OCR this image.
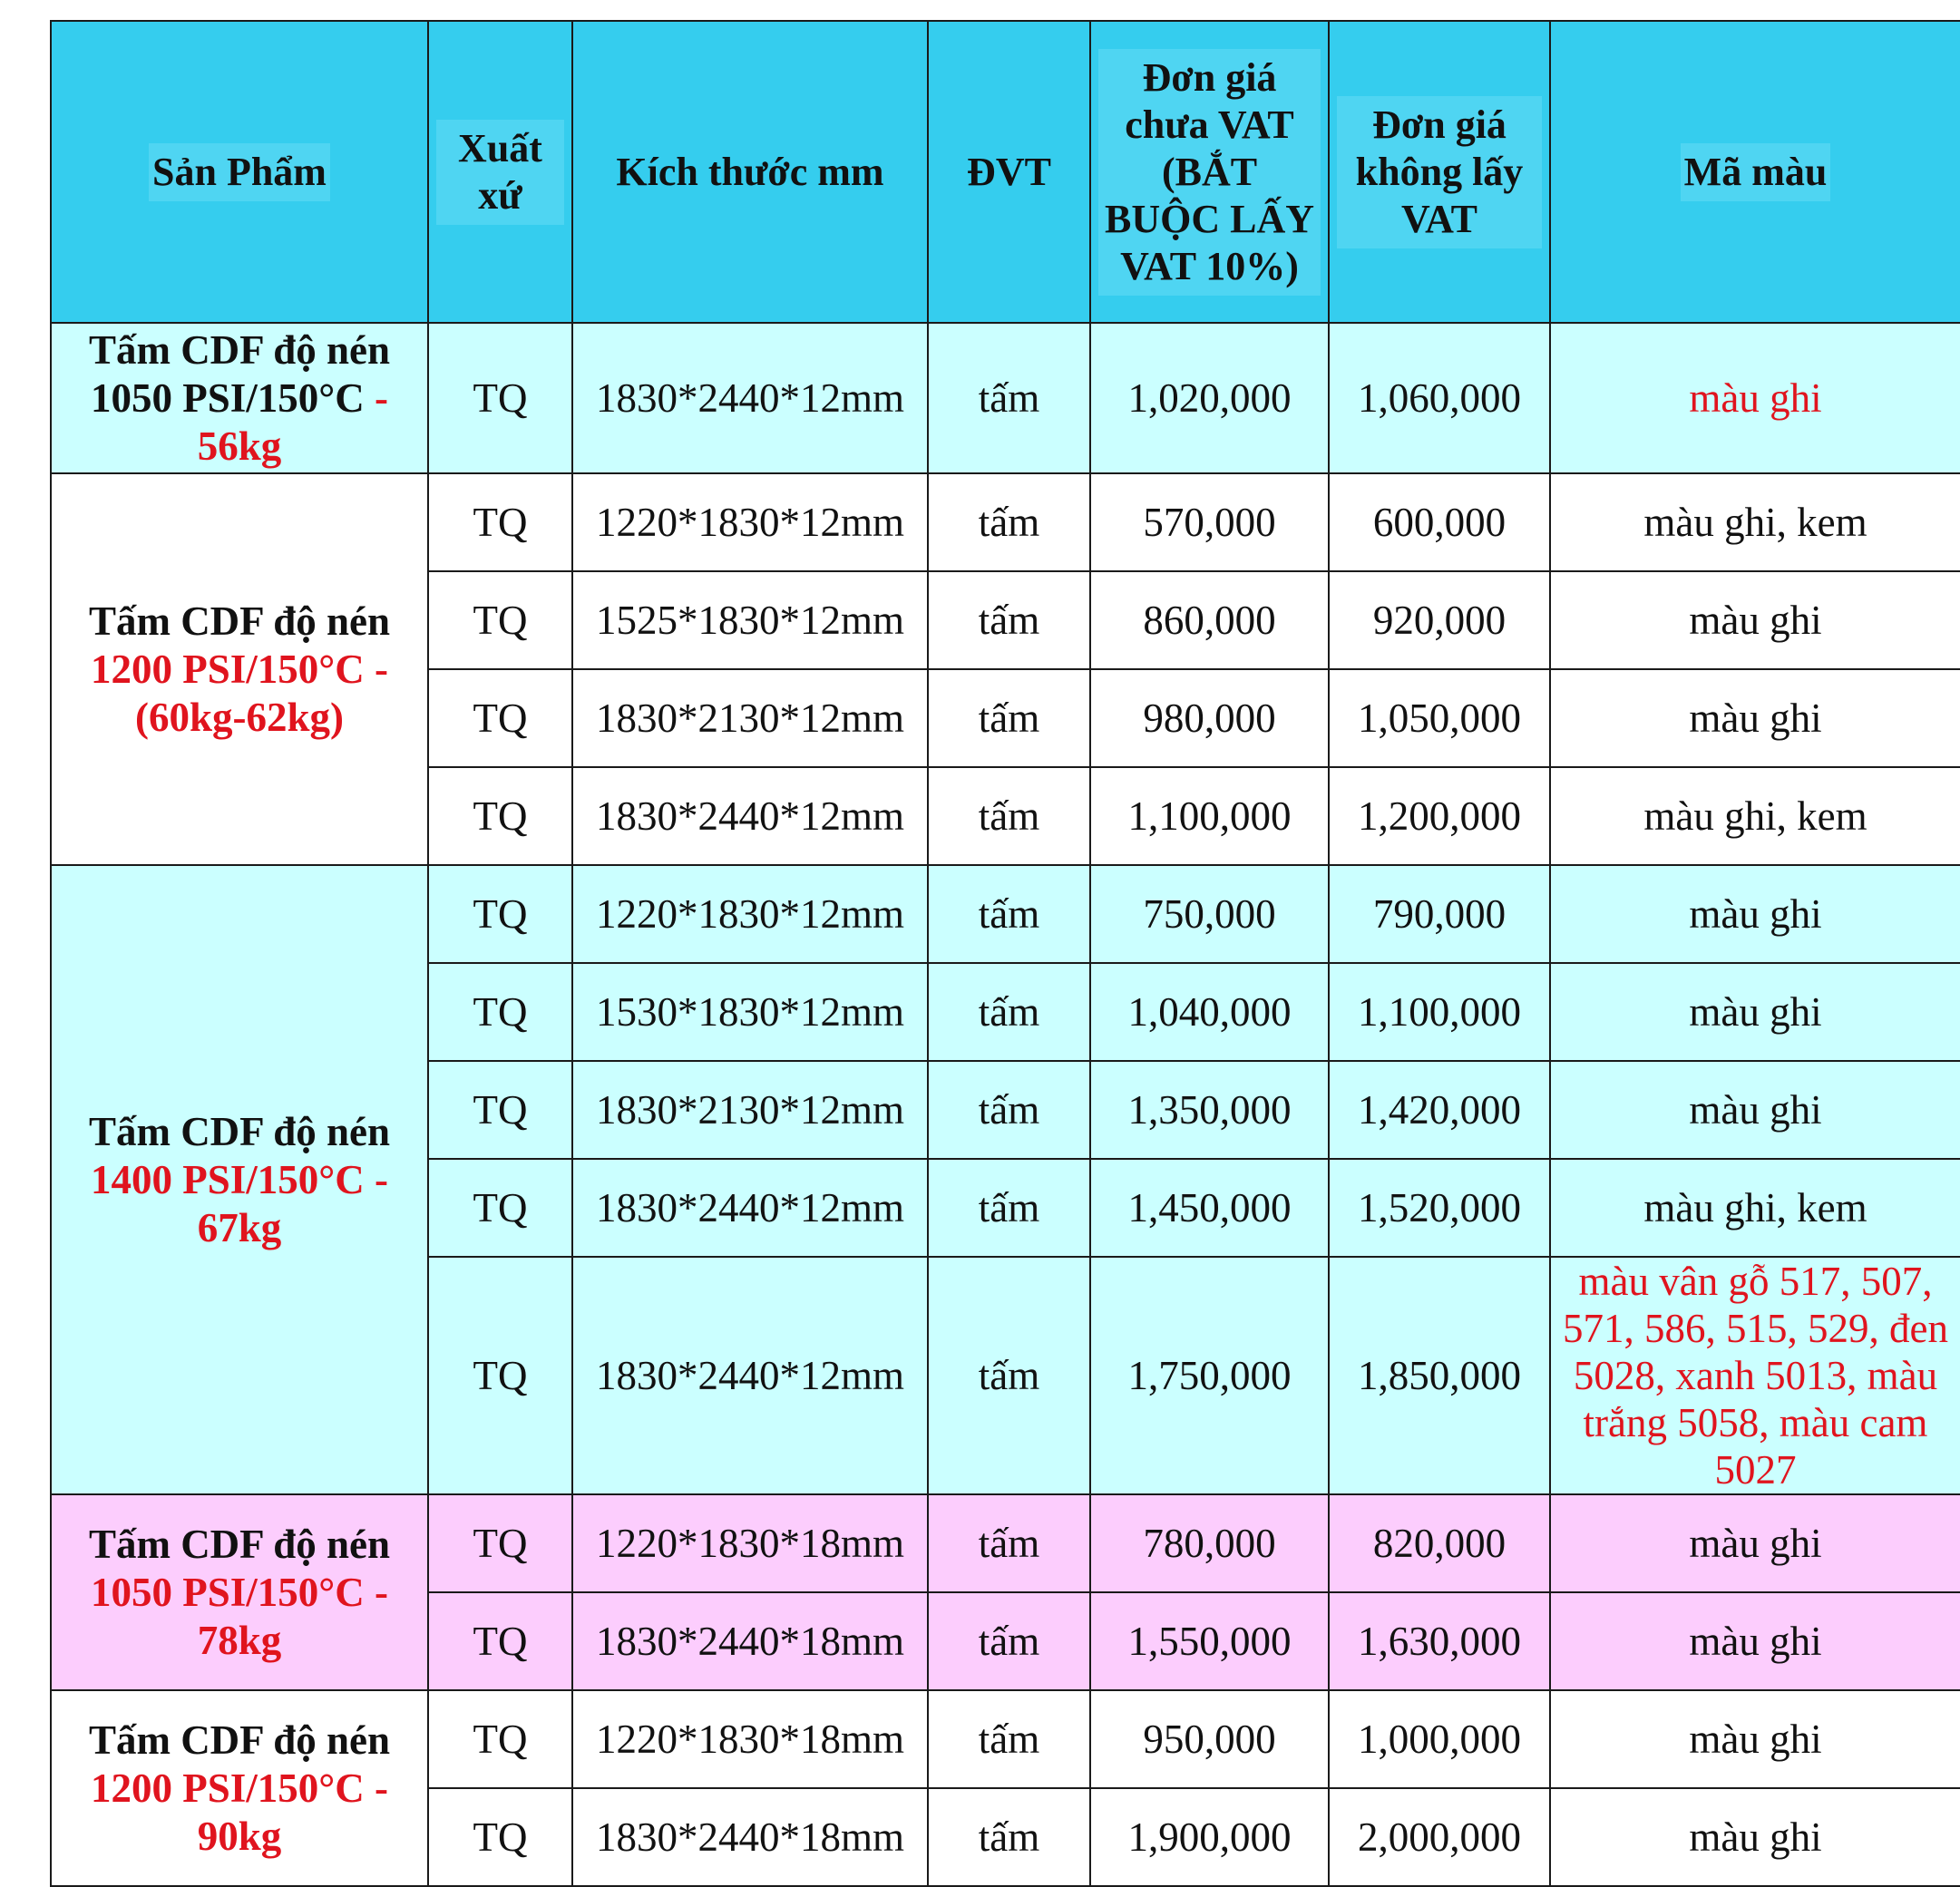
Sản Phẩm	Xuất xứ	Kích thước mm	ĐVT	Đơn giá chưa VAT (BẮT BUỘC LẤY VAT 10%)	Đơn giá không lấy VAT	Mã màu
Tấm CDF độ nén 1050 PSI/150°C - 56kg	TQ	1830*2440*12mm	tấm	1,020,000	1,060,000	màu ghi
Tấm CDF độ nén 1200 PSI/150°C - (60kg-62kg)	TQ	1220*1830*12mm	tấm	570,000	600,000	màu ghi, kem
	TQ	1525*1830*12mm	tấm	860,000	920,000	màu ghi
	TQ	1830*2130*12mm	tấm	980,000	1,050,000	màu ghi
	TQ	1830*2440*12mm	tấm	1,100,000	1,200,000	màu ghi, kem
Tấm CDF độ nén 1400 PSI/150°C - 67kg	TQ	1220*1830*12mm	tấm	750,000	790,000	màu ghi
	TQ	1530*1830*12mm	tấm	1,040,000	1,100,000	màu ghi
	TQ	1830*2130*12mm	tấm	1,350,000	1,420,000	màu ghi
	TQ	1830*2440*12mm	tấm	1,450,000	1,520,000	màu ghi, kem
	TQ	1830*2440*12mm	tấm	1,750,000	1,850,000	màu vân gỗ 517, 507, 571, 586, 515, 529, đen 5028, xanh 5013, màu trắng 5058, màu cam 5027
Tấm CDF độ nén 1050 PSI/150°C - 78kg	TQ	1220*1830*18mm	tấm	780,000	820,000	màu ghi
	TQ	1830*2440*18mm	tấm	1,550,000	1,630,000	màu ghi
Tấm CDF độ nén 1200 PSI/150°C - 90kg	TQ	1220*1830*18mm	tấm	950,000	1,000,000	màu ghi
	TQ	1830*2440*18mm	tấm	1,900,000	2,000,000	màu ghi
